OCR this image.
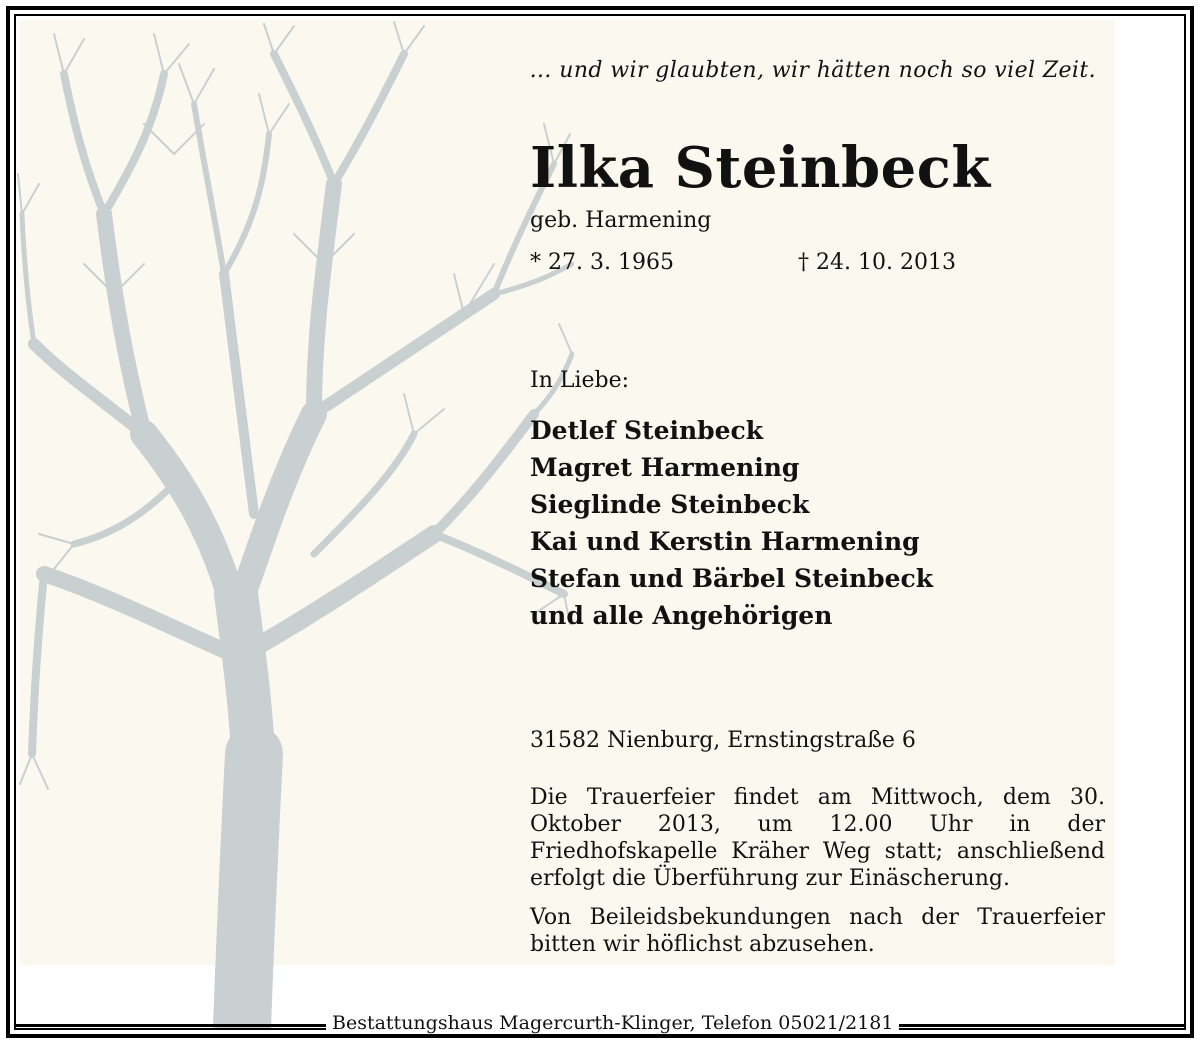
… und wir glaubten, wir hätten noch so viel Zeit.
Ilka Steinbeck
geb. Harmening
* 27. 3. 1965	† 24. 10. 2013
In Liebe:
Detlef Steinbeck
Magret Harmening
Sieglinde Steinbeck
Kai und Kerstin Harmening
Stefan und Bärbel Steinbeck
und alle Angehörigen
31582 Nienburg, Ernstingstraße 6

Die Trauerfeier findet am Mittwoch, dem 30. Oktober 2013, um 12.00 Uhr in der Friedhofskapelle Kräher Weg statt; anschließend erfolgt die Überführung zur Einäscherung.

Von Beileidsbekundungen nach der Trauerfeier bitten wir höflichst abzusehen.

Bestattungshaus Magercurth-Klinger, Telefon 05021/2181
